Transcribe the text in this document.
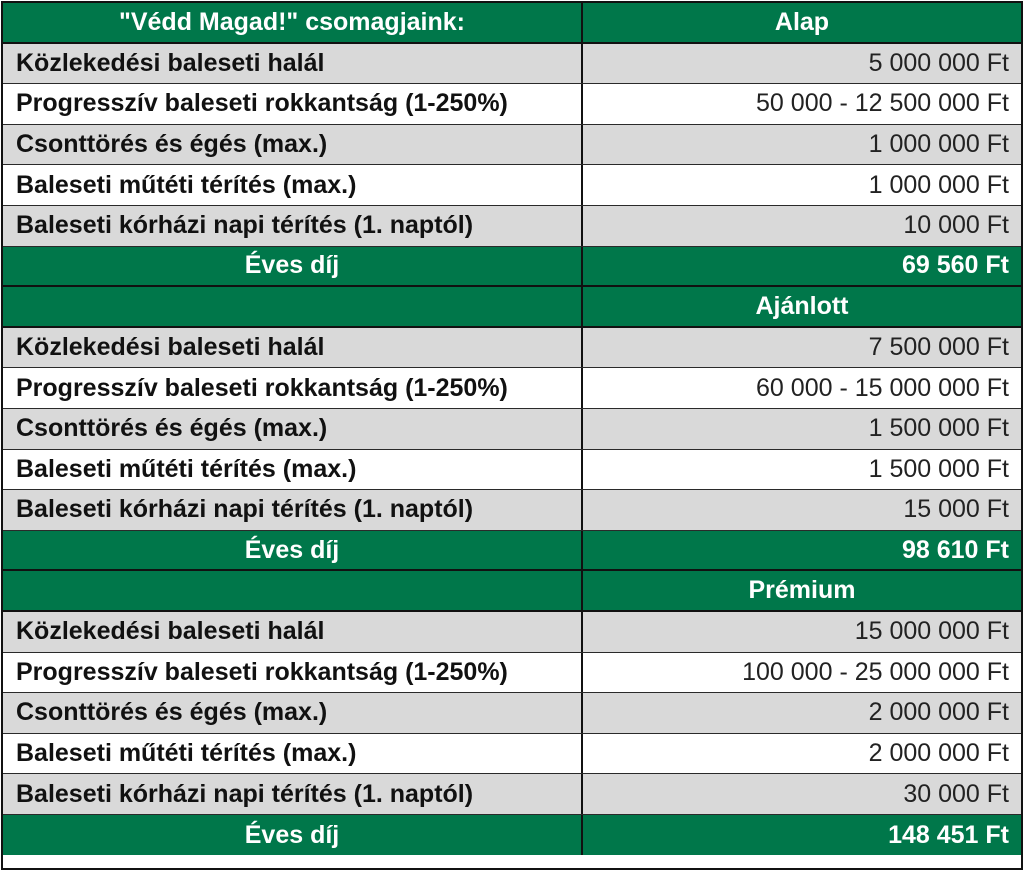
"Védd Magad!" csomagjaink:	Alap
Közlekedési baleseti halál	5 000 000 Ft
Progresszív baleseti rokkantság (1-250%)	50 000 - 12 500 000 Ft
Csonttörés és égés (max.)	1 000 000 Ft
Baleseti műtéti térítés (max.)	1 000 000 Ft
Baleseti kórházi napi térítés (1. naptól)	10 000 Ft
Éves díj	69 560 Ft
Ajánlott
Közlekedési baleseti halál	7 500 000 Ft
Progresszív baleseti rokkantság (1-250%)	60 000 - 15 000 000 Ft
Csonttörés és égés (max.)	1 500 000 Ft
Baleseti műtéti térítés (max.)	1 500 000 Ft
Baleseti kórházi napi térítés (1. naptól)	15 000 Ft
Éves díj	98 610 Ft
Prémium
Közlekedési baleseti halál	15 000 000 Ft
Progresszív baleseti rokkantság (1-250%)	100 000 - 25 000 000 Ft
Csonttörés és égés (max.)	2 000 000 Ft
Baleseti műtéti térítés (max.)	2 000 000 Ft
Baleseti kórházi napi térítés (1. naptól)	30 000 Ft
Éves díj	148 451 Ft
